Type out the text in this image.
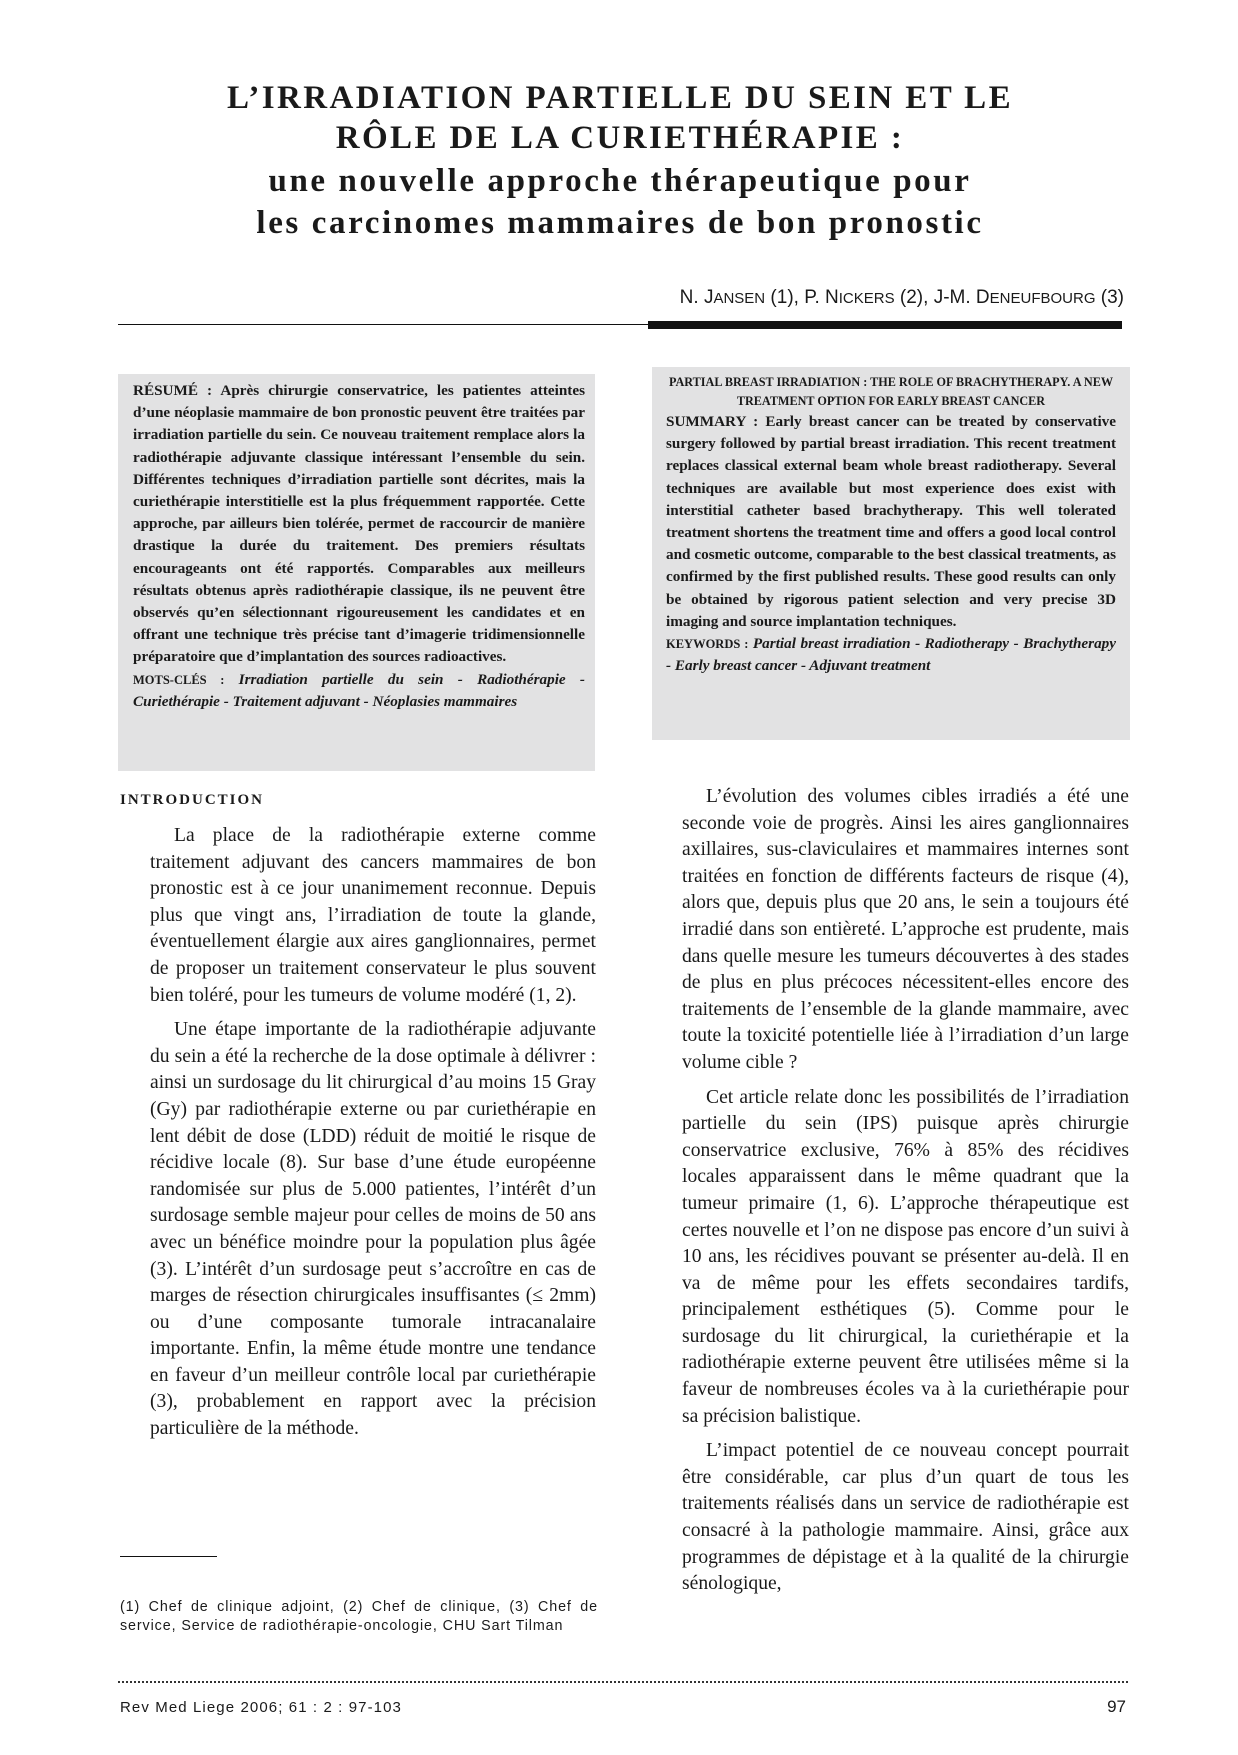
L’IRRADIATION PARTIELLE DU SEIN ET LE
RÔLE DE LA CURIETHÉRAPIE :
une nouvelle approche thérapeutique pour
les carcinomes mammaires de bon pronostic
N. JANSEN (1), P. NICKERS (2), J-M. DENEUFBOURG (3)

RÉSUMÉ : Après chirurgie conservatrice, les patientes atteintes d’une néoplasie mammaire de bon pronostic peuvent être traitées par irradiation partielle du sein. Ce nouveau traitement remplace alors la radiothérapie adjuvante classique intéressant l’ensemble du sein. Différentes techniques d’irradiation partielle sont décrites, mais la curiethérapie interstitielle est la plus fréquemment rapportée. Cette approche, par ailleurs bien tolérée, permet de raccourcir de manière drastique la durée du traitement. Des premiers résultats encourageants ont été rapportés. Comparables aux meilleurs résultats obtenus après radiothérapie classique, ils ne peuvent être observés qu’en sélectionnant rigoureusement les candidates et en offrant une technique très précise tant d’imagerie tridimensionnelle préparatoire que d’implantation des sources radioactives.

MOTS-CLÉS : Irradiation partielle du sein - Radiothérapie - Curiethérapie - Traitement adjuvant - Néoplasies mammaires

PARTIAL BREAST IRRADIATION : THE ROLE OF BRACHYTHERAPY. A NEW TREATMENT OPTION FOR EARLY BREAST CANCER

SUMMARY : Early breast cancer can be treated by conservative surgery followed by partial breast irradiation. This recent treatment replaces classical external beam whole breast radiotherapy. Several techniques are available but most experience does exist with interstitial catheter based brachytherapy. This well tolerated treatment shortens the treatment time and offers a good local control and cosmetic outcome, comparable to the best classical treatments, as confirmed by the first published results. These good results can only be obtained by rigorous patient selection and very precise 3D imaging and source implantation techniques.

KEYWORDS : Partial breast irradiation - Radiotherapy - Brachytherapy - Early breast cancer - Adjuvant treatment

INTRODUCTION

La place de la radiothérapie externe comme traitement adjuvant des cancers mammaires de bon pronostic est à ce jour unanimement reconnue. Depuis plus que vingt ans, l’irradiation de toute la glande, éventuellement élargie aux aires ganglionnaires, permet de proposer un traitement conservateur le plus souvent bien toléré, pour les tumeurs de volume modéré (1, 2).

Une étape importante de la radiothérapie adjuvante du sein a été la recherche de la dose optimale à délivrer : ainsi un surdosage du lit chirurgical d’au moins 15 Gray (Gy) par radiothérapie externe ou par curiethérapie en lent débit de dose (LDD) réduit de moitié le risque de récidive locale (8). Sur base d’une étude européenne randomisée sur plus de 5.000 patientes, l’intérêt d’un surdosage semble majeur pour celles de moins de 50 ans avec un bénéfice moindre pour la population plus âgée (3). L’intérêt d’un surdosage peut s’accroître en cas de marges de résection chirurgicales insuffisantes (≤ 2mm) ou d’une composante tumorale intracanalaire importante. Enfin, la même étude montre une tendance en faveur d’un meilleur contrôle local par curiethérapie (3), probablement en rapport avec la précision particulière de la méthode.

L’évolution des volumes cibles irradiés a été une seconde voie de progrès. Ainsi les aires ganglionnaires axillaires, sus-claviculaires et mammaires internes sont traitées en fonction de différents facteurs de risque (4), alors que, depuis plus que 20 ans, le sein a toujours été irradié dans son entièreté. L’approche est prudente, mais dans quelle mesure les tumeurs découvertes à des stades de plus en plus précoces nécessitent-elles encore des traitements de l’ensemble de la glande mammaire, avec toute la toxicité potentielle liée à l’irradiation d’un large volume cible ?

Cet article relate donc les possibilités de l’irradiation partielle du sein (IPS) puisque après chirurgie conservatrice exclusive, 76% à 85% des récidives locales apparaissent dans le même quadrant que la tumeur primaire (1, 6). L’approche thérapeutique est certes nouvelle et l’on ne dispose pas encore d’un suivi à 10 ans, les récidives pouvant se présenter au-delà. Il en va de même pour les effets secondaires tardifs, principalement esthétiques (5). Comme pour le surdosage du lit chirurgical, la curiethérapie et la radiothérapie externe peuvent être utilisées même si la faveur de nombreuses écoles va à la curiethérapie pour sa précision balistique.

L’impact potentiel de ce nouveau concept pourrait être considérable, car plus d’un quart de tous les traitements réalisés dans un service de radiothérapie est consacré à la pathologie mammaire. Ainsi, grâce aux programmes de dépistage et à la qualité de la chirurgie sénologique,

(1) Chef de clinique adjoint, (2) Chef de clinique, (3) Chef de service, Service de radiothérapie-oncologie, CHU Sart Tilman
Rev Med Liege 2006; 61 : 2 : 97-103	97
